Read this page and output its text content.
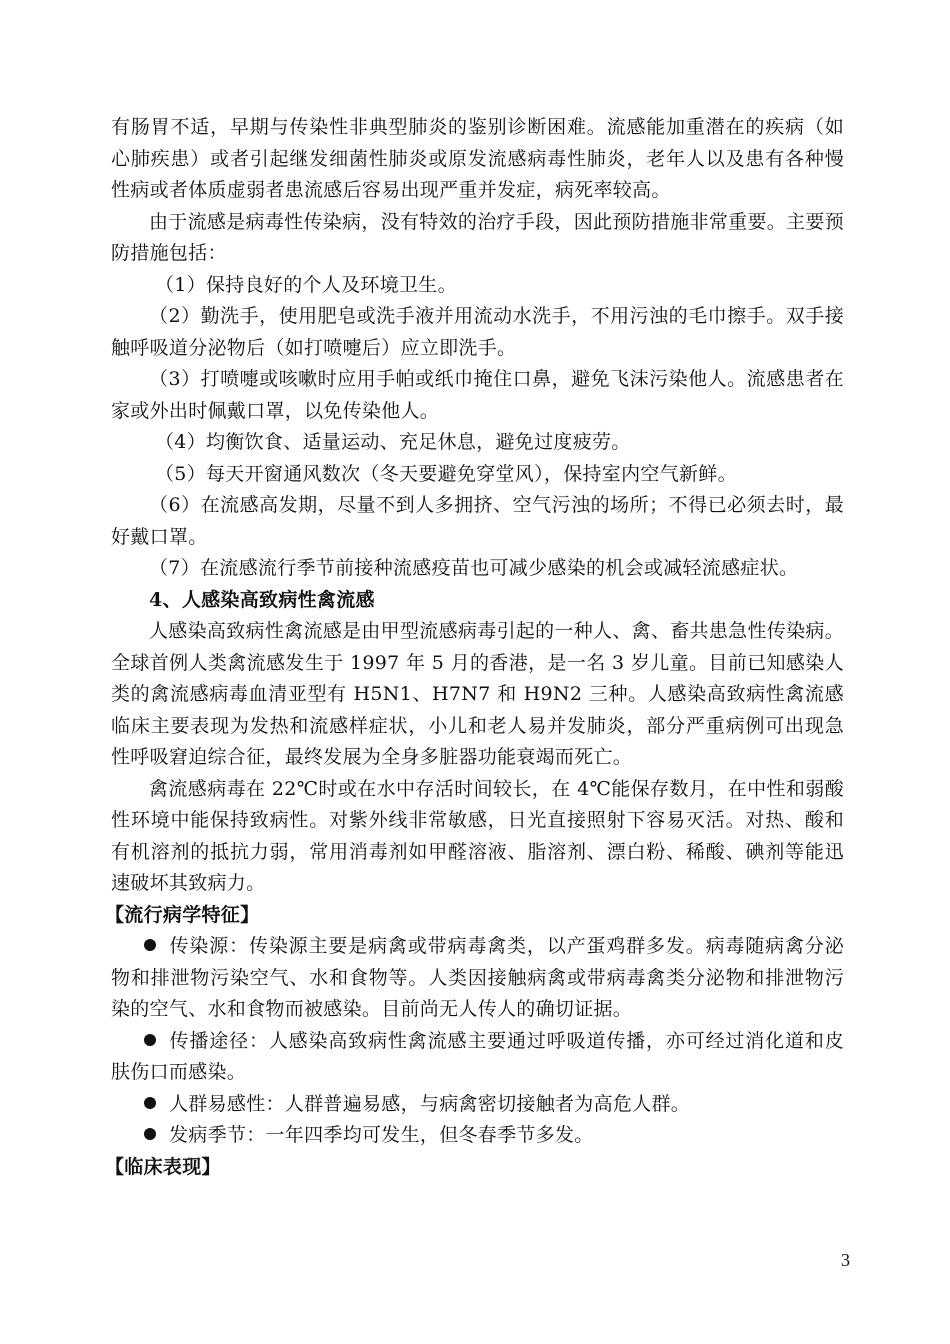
有肠胃不适，早期与传染性非典型肺炎的鉴别诊断困难。流感能加重潜在的疾病（如心肺疾患）或者引起继发细菌性肺炎或原发流感病毒性肺炎，老年人以及患有各种慢性病或者体质虚弱者患流感后容易出现严重并发症，病死率较高。

由于流感是病毒性传染病，没有特效的治疗手段，因此预防措施非常重要。主要预防措施包括：

（1）保持良好的个人及环境卫生。

（2）勤洗手，使用肥皂或洗手液并用流动水洗手，不用污浊的毛巾擦手。双手接触呼吸道分泌物后（如打喷嚏后）应立即洗手。

（3）打喷嚏或咳嗽时应用手帕或纸巾掩住口鼻，避免飞沫污染他人。流感患者在家或外出时佩戴口罩，以免传染他人。

（4）均衡饮食、适量运动、充足休息，避免过度疲劳。

（5）每天开窗通风数次（冬天要避免穿堂风），保持室内空气新鲜。

（6）在流感高发期，尽量不到人多拥挤、空气污浊的场所；不得已必须去时，最好戴口罩。

（7）在流感流行季节前接种流感疫苗也可减少感染的机会或减轻流感症状。

4、人感染高致病性禽流感

人感染高致病性禽流感是由甲型流感病毒引起的一种人、禽、畜共患急性传染病。全球首例人类禽流感发生于 1997 年 5 月的香港，是一名 3 岁儿童。目前已知感染人类的禽流感病毒血清亚型有 H5N1、H7N7 和 H9N2 三种。人感染高致病性禽流感临床主要表现为发热和流感样症状，小儿和老人易并发肺炎，部分严重病例可出现急性呼吸窘迫综合征，最终发展为全身多脏器功能衰竭而死亡。

禽流感病毒在 22℃时或在水中存活时间较长，在 4℃能保存数月，在中性和弱酸性环境中能保持致病性。对紫外线非常敏感，日光直接照射下容易灭活。对热、酸和有机溶剂的抵抗力弱，常用消毒剂如甲醛溶液、脂溶剂、漂白粉、稀酸、碘剂等能迅速破坏其致病力。

【流行病学特征】

传染源：传染源主要是病禽或带病毒禽类，以产蛋鸡群多发。病毒随病禽分泌物和排泄物污染空气、水和食物等。人类因接触病禽或带病毒禽类分泌物和排泄物污染的空气、水和食物而被感染。目前尚无人传人的确切证据。

传播途径：人感染高致病性禽流感主要通过呼吸道传播，亦可经过消化道和皮肤伤口而感染。

人群易感性：人群普遍易感，与病禽密切接触者为高危人群。

发病季节：一年四季均可发生，但冬春季节多发。

【临床表现】

3
